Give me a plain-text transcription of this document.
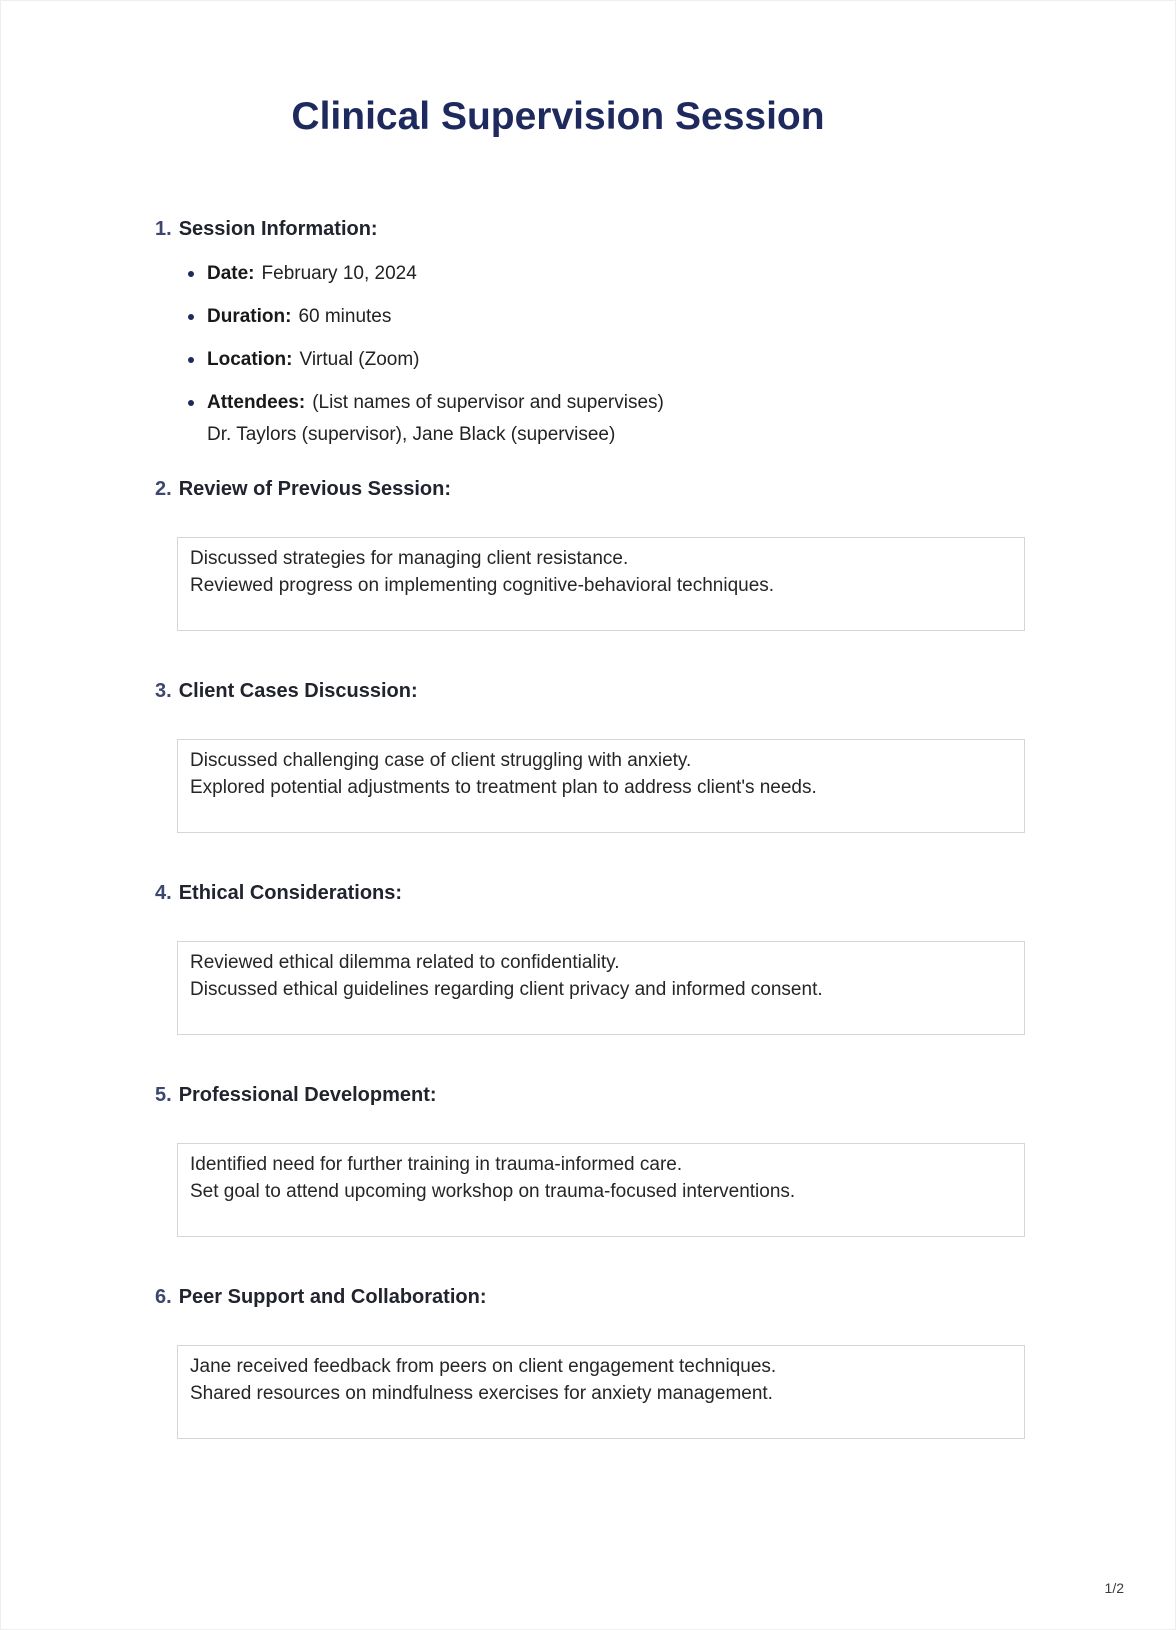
Clinical Supervision Session
1. Session Information:
Date: February 10, 2024
Duration: 60 minutes
Location: Virtual (Zoom)
Attendees: (List names of supervisor and supervises)
Dr. Taylors (supervisor), Jane Black (supervisee)
2. Review of Previous Session:
Discussed strategies for managing client resistance.
Reviewed progress on implementing cognitive-behavioral techniques.
3. Client Cases Discussion:
Discussed challenging case of client struggling with anxiety.
Explored potential adjustments to treatment plan to address client's needs.
4. Ethical Considerations:
Reviewed ethical dilemma related to confidentiality.
Discussed ethical guidelines regarding client privacy and informed consent.
5. Professional Development:
Identified need for further training in trauma-informed care.
Set goal to attend upcoming workshop on trauma-focused interventions.
6. Peer Support and Collaboration:
Jane received feedback from peers on client engagement techniques.
Shared resources on mindfulness exercises for anxiety management.
1/2
